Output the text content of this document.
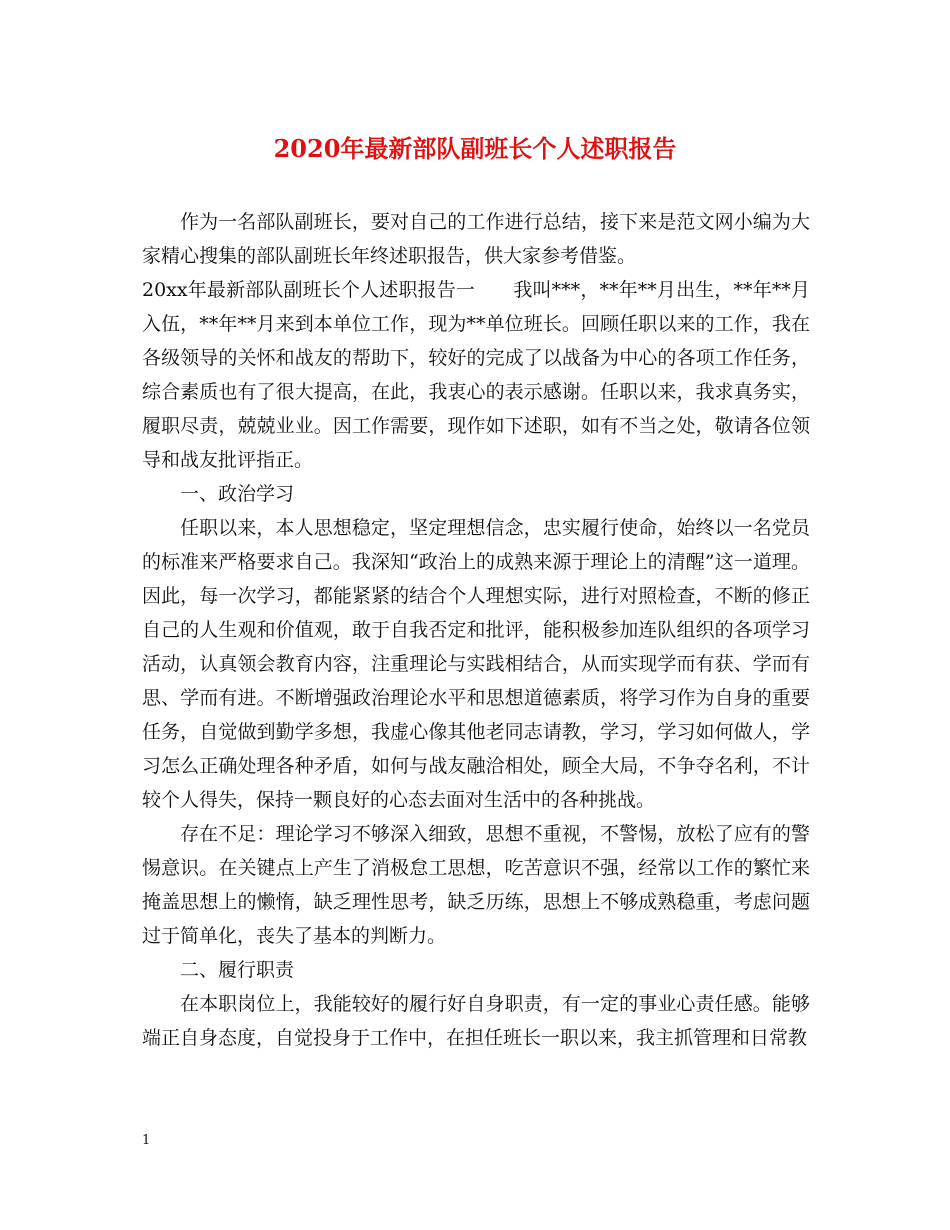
2020年最新部队副班长个人述职报告

作为一名部队副班长，要对自己的工作进行总结，接下来是范文网小编为大家精心搜集的部队副班长年终述职报告，供大家参考借鉴。

20xx年最新部队副班长个人述职报告一　　我叫***，**年**月出生，**年**月入伍，**年**月来到本单位工作，现为**单位班长。回顾任职以来的工作，我在各级领导的关怀和战友的帮助下，较好的完成了以战备为中心的各项工作任务，综合素质也有了很大提高，在此，我衷心的表示感谢。任职以来，我求真务实，履职尽责，兢兢业业。因工作需要，现作如下述职，如有不当之处，敬请各位领导和战友批评指正。

一、政治学习

任职以来，本人思想稳定，坚定理想信念，忠实履行使命，始终以一名党员的标准来严格要求自己。我深知“政治上的成熟来源于理论上的清醒”这一道理。因此，每一次学习，都能紧紧的结合个人理想实际，进行对照检查，不断的修正自己的人生观和价值观，敢于自我否定和批评，能积极参加连队组织的各项学习活动，认真领会教育内容，注重理论与实践相结合，从而实现学而有获、学而有思、学而有进。不断增强政治理论水平和思想道德素质，将学习作为自身的重要任务，自觉做到勤学多想，我虚心像其他老同志请教，学习，学习如何做人，学习怎么正确处理各种矛盾，如何与战友融洽相处，顾全大局，不争夺名利，不计较个人得失，保持一颗良好的心态去面对生活中的各种挑战。

存在不足：理论学习不够深入细致，思想不重视，不警惕，放松了应有的警惕意识。在关键点上产生了消极怠工思想，吃苦意识不强，经常以工作的繁忙来掩盖思想上的懒惰，缺乏理性思考，缺乏历练，思想上不够成熟稳重，考虑问题过于简单化，丧失了基本的判断力。

二、履行职责

在本职岗位上，我能较好的履行好自身职责，有一定的事业心责任感。能够端正自身态度，自觉投身于工作中，在担任班长一职以来，我主抓管理和日常教

1
